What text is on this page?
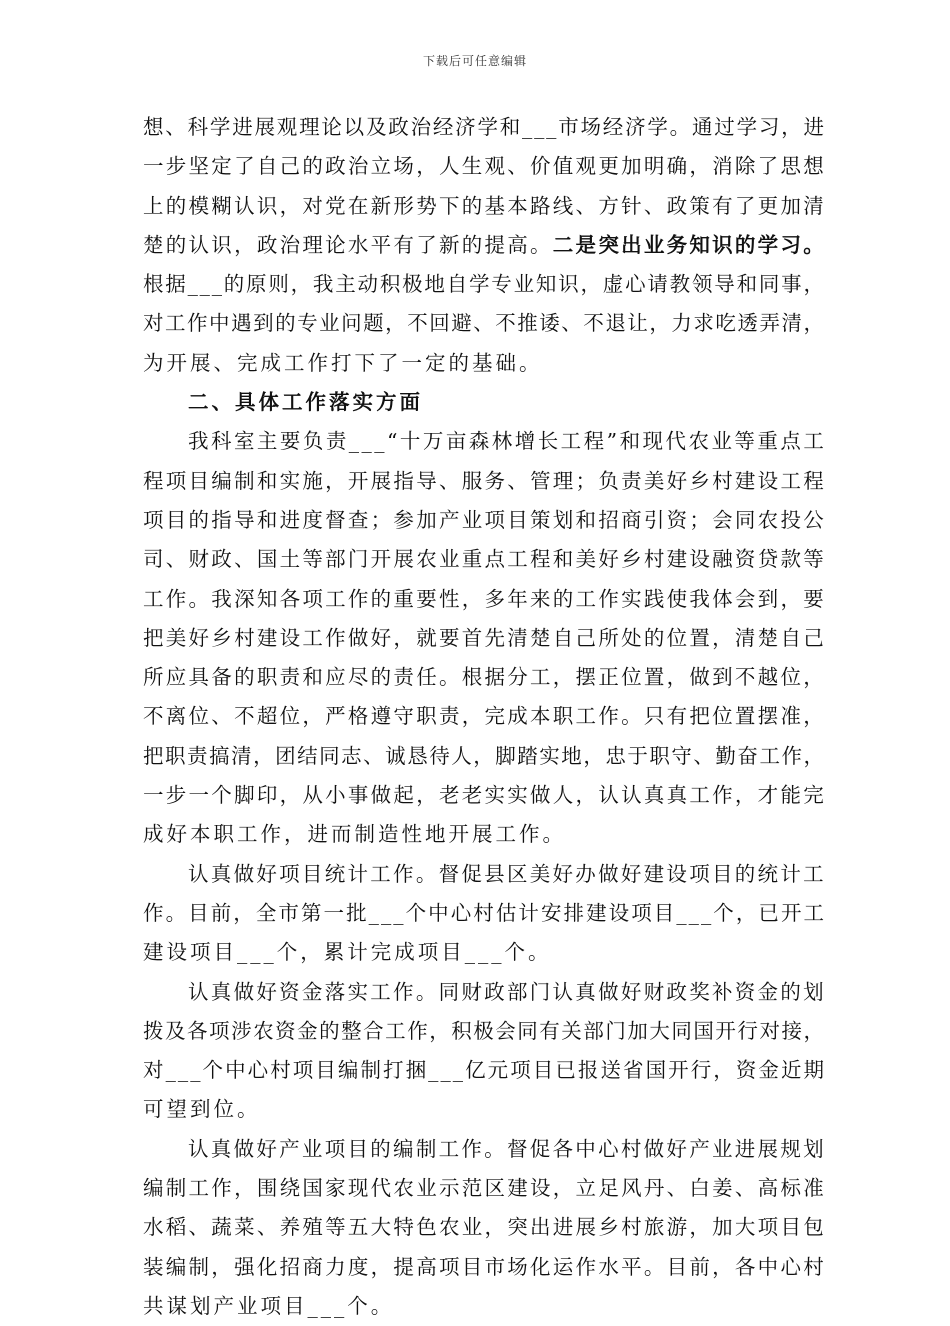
下载后可任意编辑
想 、 科 学 进 展 观 理 论 以 及 政 治 经 济 学 和 _ _ _ 市 场 经 济 学 。 通 过 学 习 ， 进
一 步 坚 定 了 自 己 的 政 治 立 场 ， 人 生 观 、 价 值 观 更 加 明 确 ， 消 除 了 思 想
上 的 模 糊 认 识 ， 对 党 在 新 形 势 下 的 基 本 路 线 、 方 针 、 政 策 有 了 更 加 清
楚 的 认 识 ， 政 治 理 论 水 平 有 了 新 的 提 高 。 二 是 突 出 业 务 知 识 的 学 习 。
根 据 _ _ _ 的 原 则 ， 我 主 动 积 极 地 自 学 专 业 知 识 ， 虚 心 请 教 领 导 和 同 事 ，
对 工 作 中 遇 到 的 专 业 问 题 ， 不 回 避 、 不 推 诿 、 不 退 让 ， 力 求 吃 透 弄 清 ，
为开展、完成工作打下了一定的基础。
二、具体工作落实方面
我 科 室 主 要 负 责 _ _ _ “ 十 万 亩 森 林 增 长 工 程 ” 和 现 代 农 业 等 重 点 工
程 项 目 编 制 和 实 施 ， 开 展 指 导 、 服 务 、 管 理 ； 负 责 美 好 乡 村 建 设 工 程
项 目 的 指 导 和 进 度 督 查 ； 参 加 产 业 项 目 策 划 和 招 商 引 资 ； 会 同 农 投 公
司 、 财 政 、 国 土 等 部 门 开 展 农 业 重 点 工 程 和 美 好 乡 村 建 设 融 资 贷 款 等
工 作 。 我 深 知 各 项 工 作 的 重 要 性 ， 多 年 来 的 工 作 实 践 使 我 体 会 到 ， 要
把 美 好 乡 村 建 设 工 作 做 好 ， 就 要 首 先 清 楚 自 己 所 处 的 位 置 ， 清 楚 自 己
所 应 具 备 的 职 责 和 应 尽 的 责 任 。 根 据 分 工 ， 摆 正 位 置 ， 做 到 不 越 位 ，
不 离 位 、 不 超 位 ， 严 格 遵 守 职 责 ， 完 成 本 职 工 作 。 只 有 把 位 置 摆 准 ，
把 职 责 搞 清 ， 团 结 同 志 、 诚 恳 待 人 ， 脚 踏 实 地 ， 忠 于 职 守 、 勤 奋 工 作 ，
一 步 一 个 脚 印 ， 从 小 事 做 起 ， 老 老 实 实 做 人 ， 认 认 真 真 工 作 ， 才 能 完
成好本职工作，进而制造性地开展工作。
认 真 做 好 项 目 统 计 工 作 。 督 促 县 区 美 好 办 做 好 建 设 项 目 的 统 计 工
作 。 目 前 ， 全 市 第 一 批 _ _ _ 个 中 心 村 估 计 安 排 建 设 项 目 _ _ _ 个 ， 已 开 工
建设项目___个，累计完成项目___个。
认 真 做 好 资 金 落 实 工 作 。 同 财 政 部 门 认 真 做 好 财 政 奖 补 资 金 的 划
拨 及 各 项 涉 农 资 金 的 整 合 工 作 ， 积 极 会 同 有 关 部 门 加 大 同 国 开 行 对 接 ，
对 _ _ _ 个 中 心 村 项 目 编 制 打 捆 _ _ _ 亿 元 项 目 已 报 送 省 国 开 行 ， 资 金 近 期
可望到位。
认 真 做 好 产 业 项 目 的 编 制 工 作 。 督 促 各 中 心 村 做 好 产 业 进 展 规 划
编 制 工 作 ， 围 绕 国 家 现 代 农 业 示 范 区 建 设 ， 立 足 风 丹 、 白 姜 、 高 标 准
水 稻 、 蔬 菜 、 养 殖 等 五 大 特 色 农 业 ， 突 出 进 展 乡 村 旅 游 ， 加 大 项 目 包
装 编 制 ， 强 化 招 商 力 度 ， 提 高 项 目 市 场 化 运 作 水 平 。 目 前 ， 各 中 心 村
共谋划产业项目___个。
